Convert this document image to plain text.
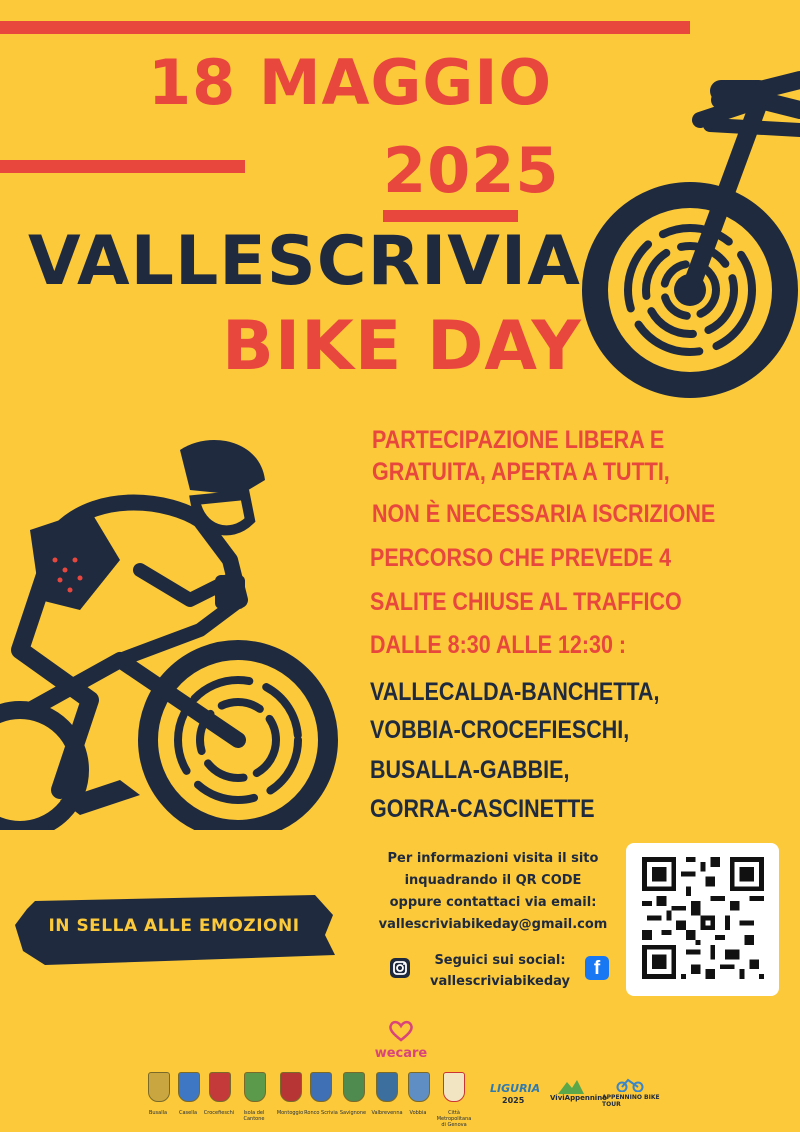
18 MAGGIO
2025
VALLESCRIVIA
BIKE DAY
PARTECIPAZIONE LIBERA E
GRATUITA, APERTA A TUTTI,
NON È NECESSARIA ISCRIZIONE
PERCORSO CHE PREVEDE 4
SALITE CHIUSE AL TRAFFICO
DALLE 8:30 ALLE 12:30 :
VALLECALDA-BANCHETTA,
VOBBIA-CROCEFIESCHI,
BUSALLA-GABBIE,
GORRA-CASCINETTE
IN SELLA ALLE EMOZIONI
Per informazioni visita il sito
inquadrando il QR CODE
oppure contattaci via email:
vallescriviabikeday@gmail.com
Seguici sui social:
vallescriviabikeday
f
wecare
Busalla	Casella	Crocefieschi	Isola del Cantone
Montoggio Ronco Scrivia Savignone	Valbrevenna	Vobbia	Città Metropolitana di Genova
LIGURIA
2025	ViviAppennino
APPENNINO BIKE TOUR
